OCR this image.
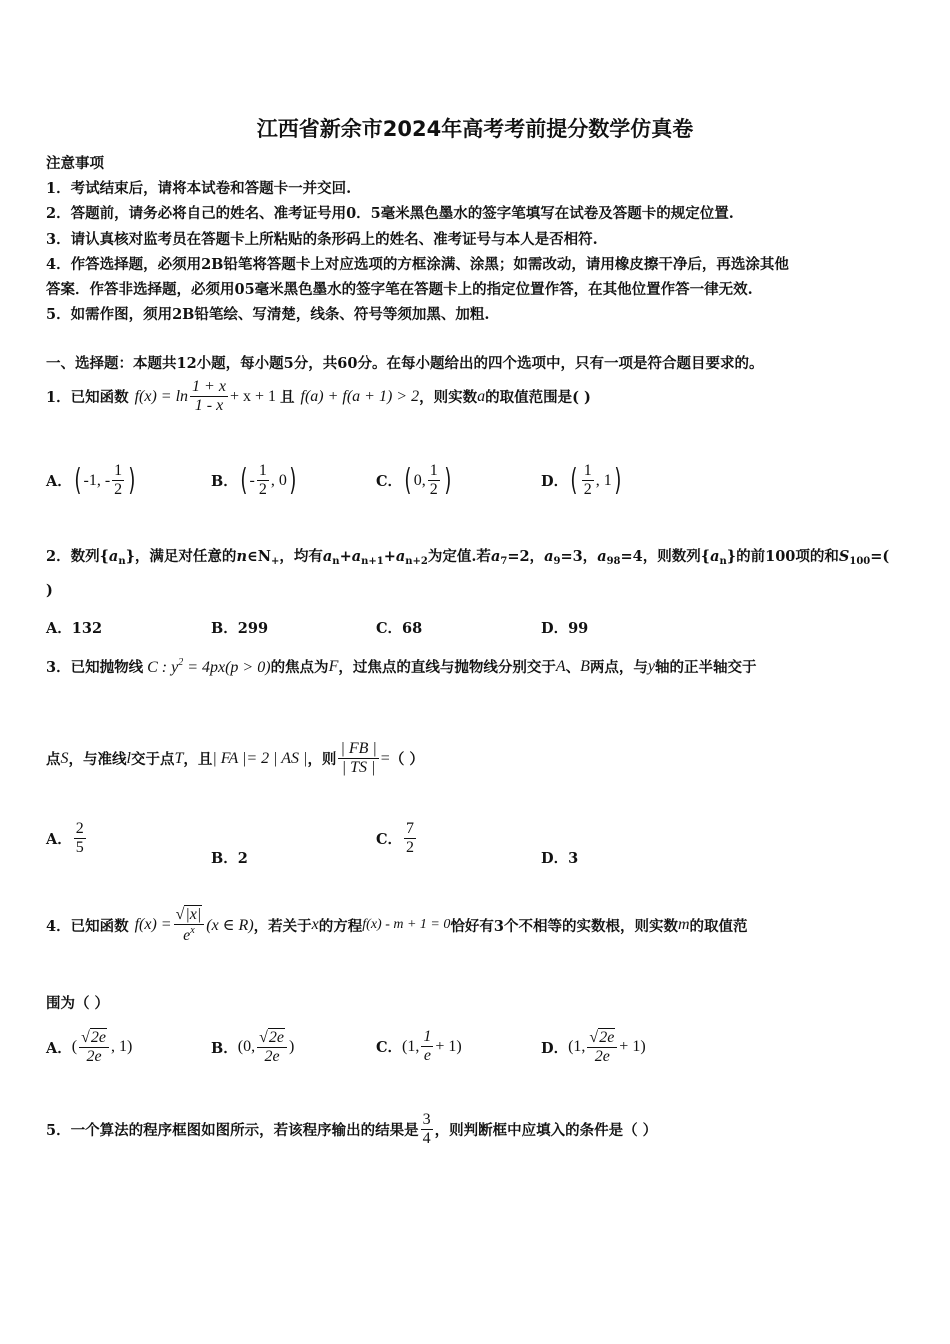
江西省新余市2024年高考考前提分数学仿真卷
注意事项
1．考试结束后，请将本试卷和答题卡一并交回.
2．答题前，请务必将自己的姓名、准考证号用0．5毫米黑色墨水的签字笔填写在试卷及答题卡的规定位置.
3．请认真核对监考员在答题卡上所粘贴的条形码上的姓名、准考证号与本人是否相符.
4．作答选择题，必须用2B铅笔将答题卡上对应选项的方框涂满、涂黑；如需改动，请用橡皮擦干净后，再选涂其他
答案．作答非选择题，必须用05毫米黑色墨水的签字笔在答题卡上的指定位置作答，在其他位置作答一律无效.
5．如需作图，须用2B铅笔绘、写清楚，线条、符号等须加黑、加粗.
一、选择题：本题共12小题，每小题5分，共60分。在每小题给出的四个选项中，只有一项是符合题目要求的。
1．已知函数 $f(x) = \ln \frac{1 + x}{1 - x} + x + 1$ 且 f(a) + f(a + 1) > 2 ，则实数 a 的取值范围是( )
A． ( -1, - $\frac{1}{2}$ )	B． ( - $\frac{1}{2}$ , 0 )	C． ( 0, $\frac{1}{2}$ )	D． ( $\frac{1}{2}$ , 1 )
2．数列$\{a_n\}$，满足对任意的$n\in N_+$，均有$a_n+a_{n+1}+a_{n+2}$为定值.若$a_7=2$，$a_9=3$，$a_{98}=4$，则数列$\{a_n\}$的前100项的和$S_{100}=$(
)
A．132	B．299	C．68	D．99
3．已知抛物线 C : $y^2 = 4px(p > 0)$ 的焦点为 F ，过焦点的直线与抛物线分别交于 A 、 B 两点，与 y 轴的正半轴交于
点 S ，与准线 l 交于点 T ，且 | FA |= 2 | AS | ，则 $\frac{| FB |}{| TS |}$ = （ ）
A． $\frac{2}{5}$
B．2
C． $\frac{7}{2}$
D．3
4．已知函数 $f(x) = \frac{√|x|}{e^x} (x$ ∈ R) ，若关于 x 的方程 f(x) - m + 1 = 0 恰好有3个不相等的实数根，则实数 m 的取值范
围为（ ）
A． ( $\frac{√2e}{2e}$ , 1)	B． (0, $\frac{√2e}{2e}$ )	C． (1, $\frac{1}{e} + 1$)	D． (1, $\frac{√2e}{2e} + 1$)
5．一个算法的程序框图如图所示，若该程序输出的结果是 $\frac{3}{4}$ ，则判断框中应填入的条件是（ ）
